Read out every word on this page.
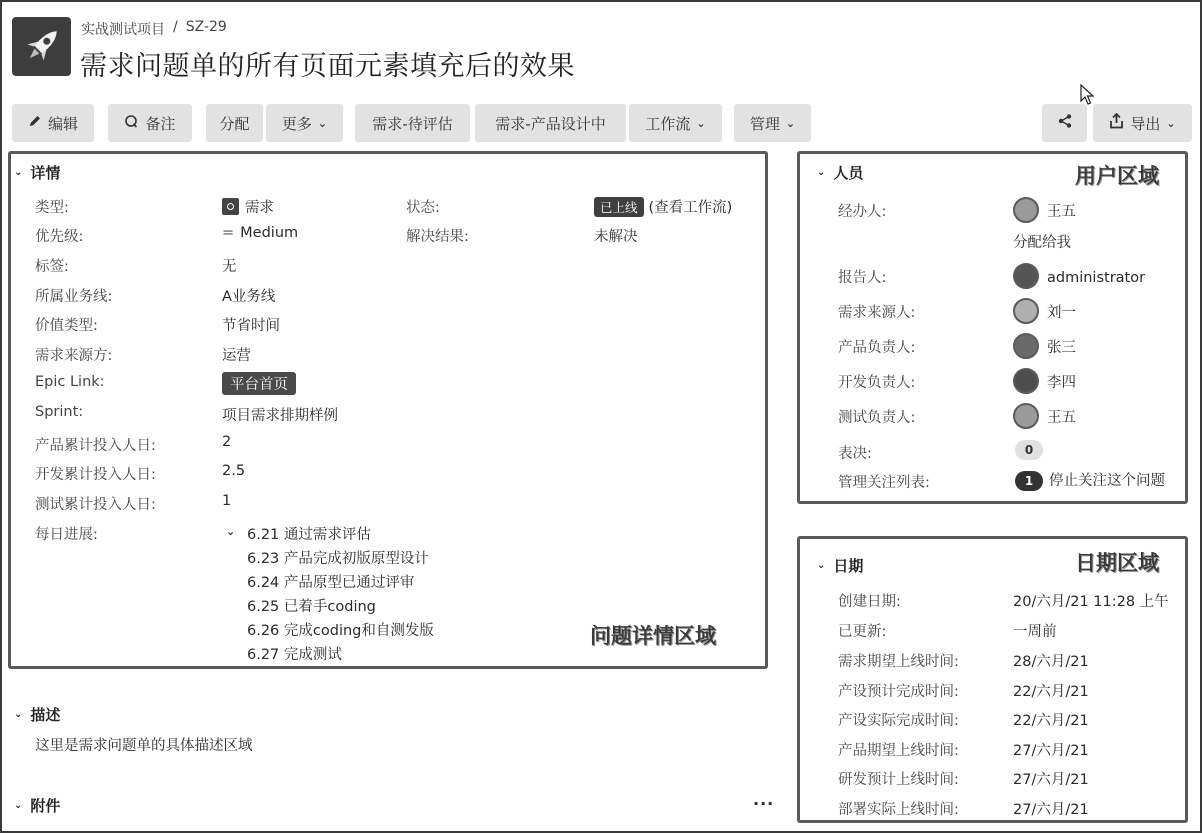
实战测试项目 / SZ-29
需求问题单的所有页面元素填充后的效果
编辑	备注	分配	更多 ⌄	需求-待评估	需求-产品设计中	工作流 ⌄	管理 ⌄	导出 ⌄
⌄ 详情
类型:	需求	状态:	已上线 (查看工作流)
优先级:	= Medium	解决结果:	未解决
标签:	无
所属业务线:	A业务线
价值类型:	节省时间
需求来源方:	运营
Epic Link:	平台首页
Sprint:	项目需求排期样例
产品累计投入人日:	2
开发累计投入人日:	2.5
测试累计投入人日:	1
每日进展:	⌄ 6.21 通过需求评估
6.23 产品完成初版原型设计
6.24 产品原型已通过评审
6.25 已着手coding
6.26 完成coding和自测发版
6.27 完成测试
问题详情区域
⌄ 描述
这里是需求问题单的具体描述区域
⌄ 附件	···
⌄ 人员	用户区域
经办人:	王五
分配给我
报告人:	administrator
需求来源人:	刘一
产品负责人:	张三
开发负责人:	李四
测试负责人:	王五
表决:	0
管理关注列表:	1 停止关注这个问题
⌄ 日期	日期区域
创建日期:	20/六月/21 11:28 上午
已更新:	一周前
需求期望上线时间:	28/六月/21
产设预计完成时间:	22/六月/21
产设实际完成时间:	22/六月/21
产品期望上线时间:	27/六月/21
研发预计上线时间:	27/六月/21
部署实际上线时间:	27/六月/21
